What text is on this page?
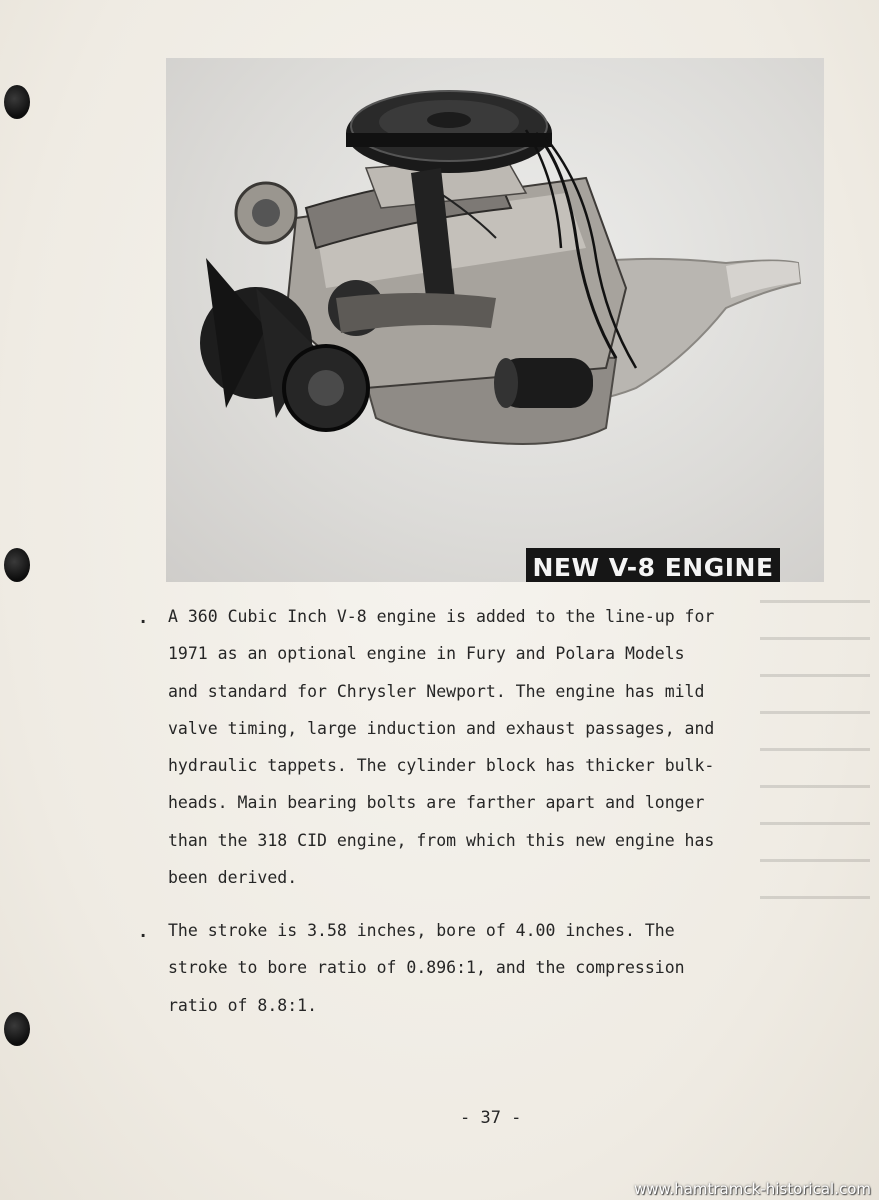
NEW V-8 ENGINE
. A 360 Cubic Inch V-8 engine is added to the line-up for
1971 as an optional engine in Fury and Polara Models
and standard for Chrysler Newport. The engine has mild
valve timing, large induction and exhaust passages, and
hydraulic tappets. The cylinder block has thicker bulk-
heads. Main bearing bolts are farther apart and longer
than the 318 CID engine, from which this new engine has
been derived.

. The stroke is 3.58 inches, bore of 4.00 inches. The
stroke to bore ratio of 0.896:1, and the compression
ratio of 8.8:1.

- 37 -
www.hamtramck-historical.com
